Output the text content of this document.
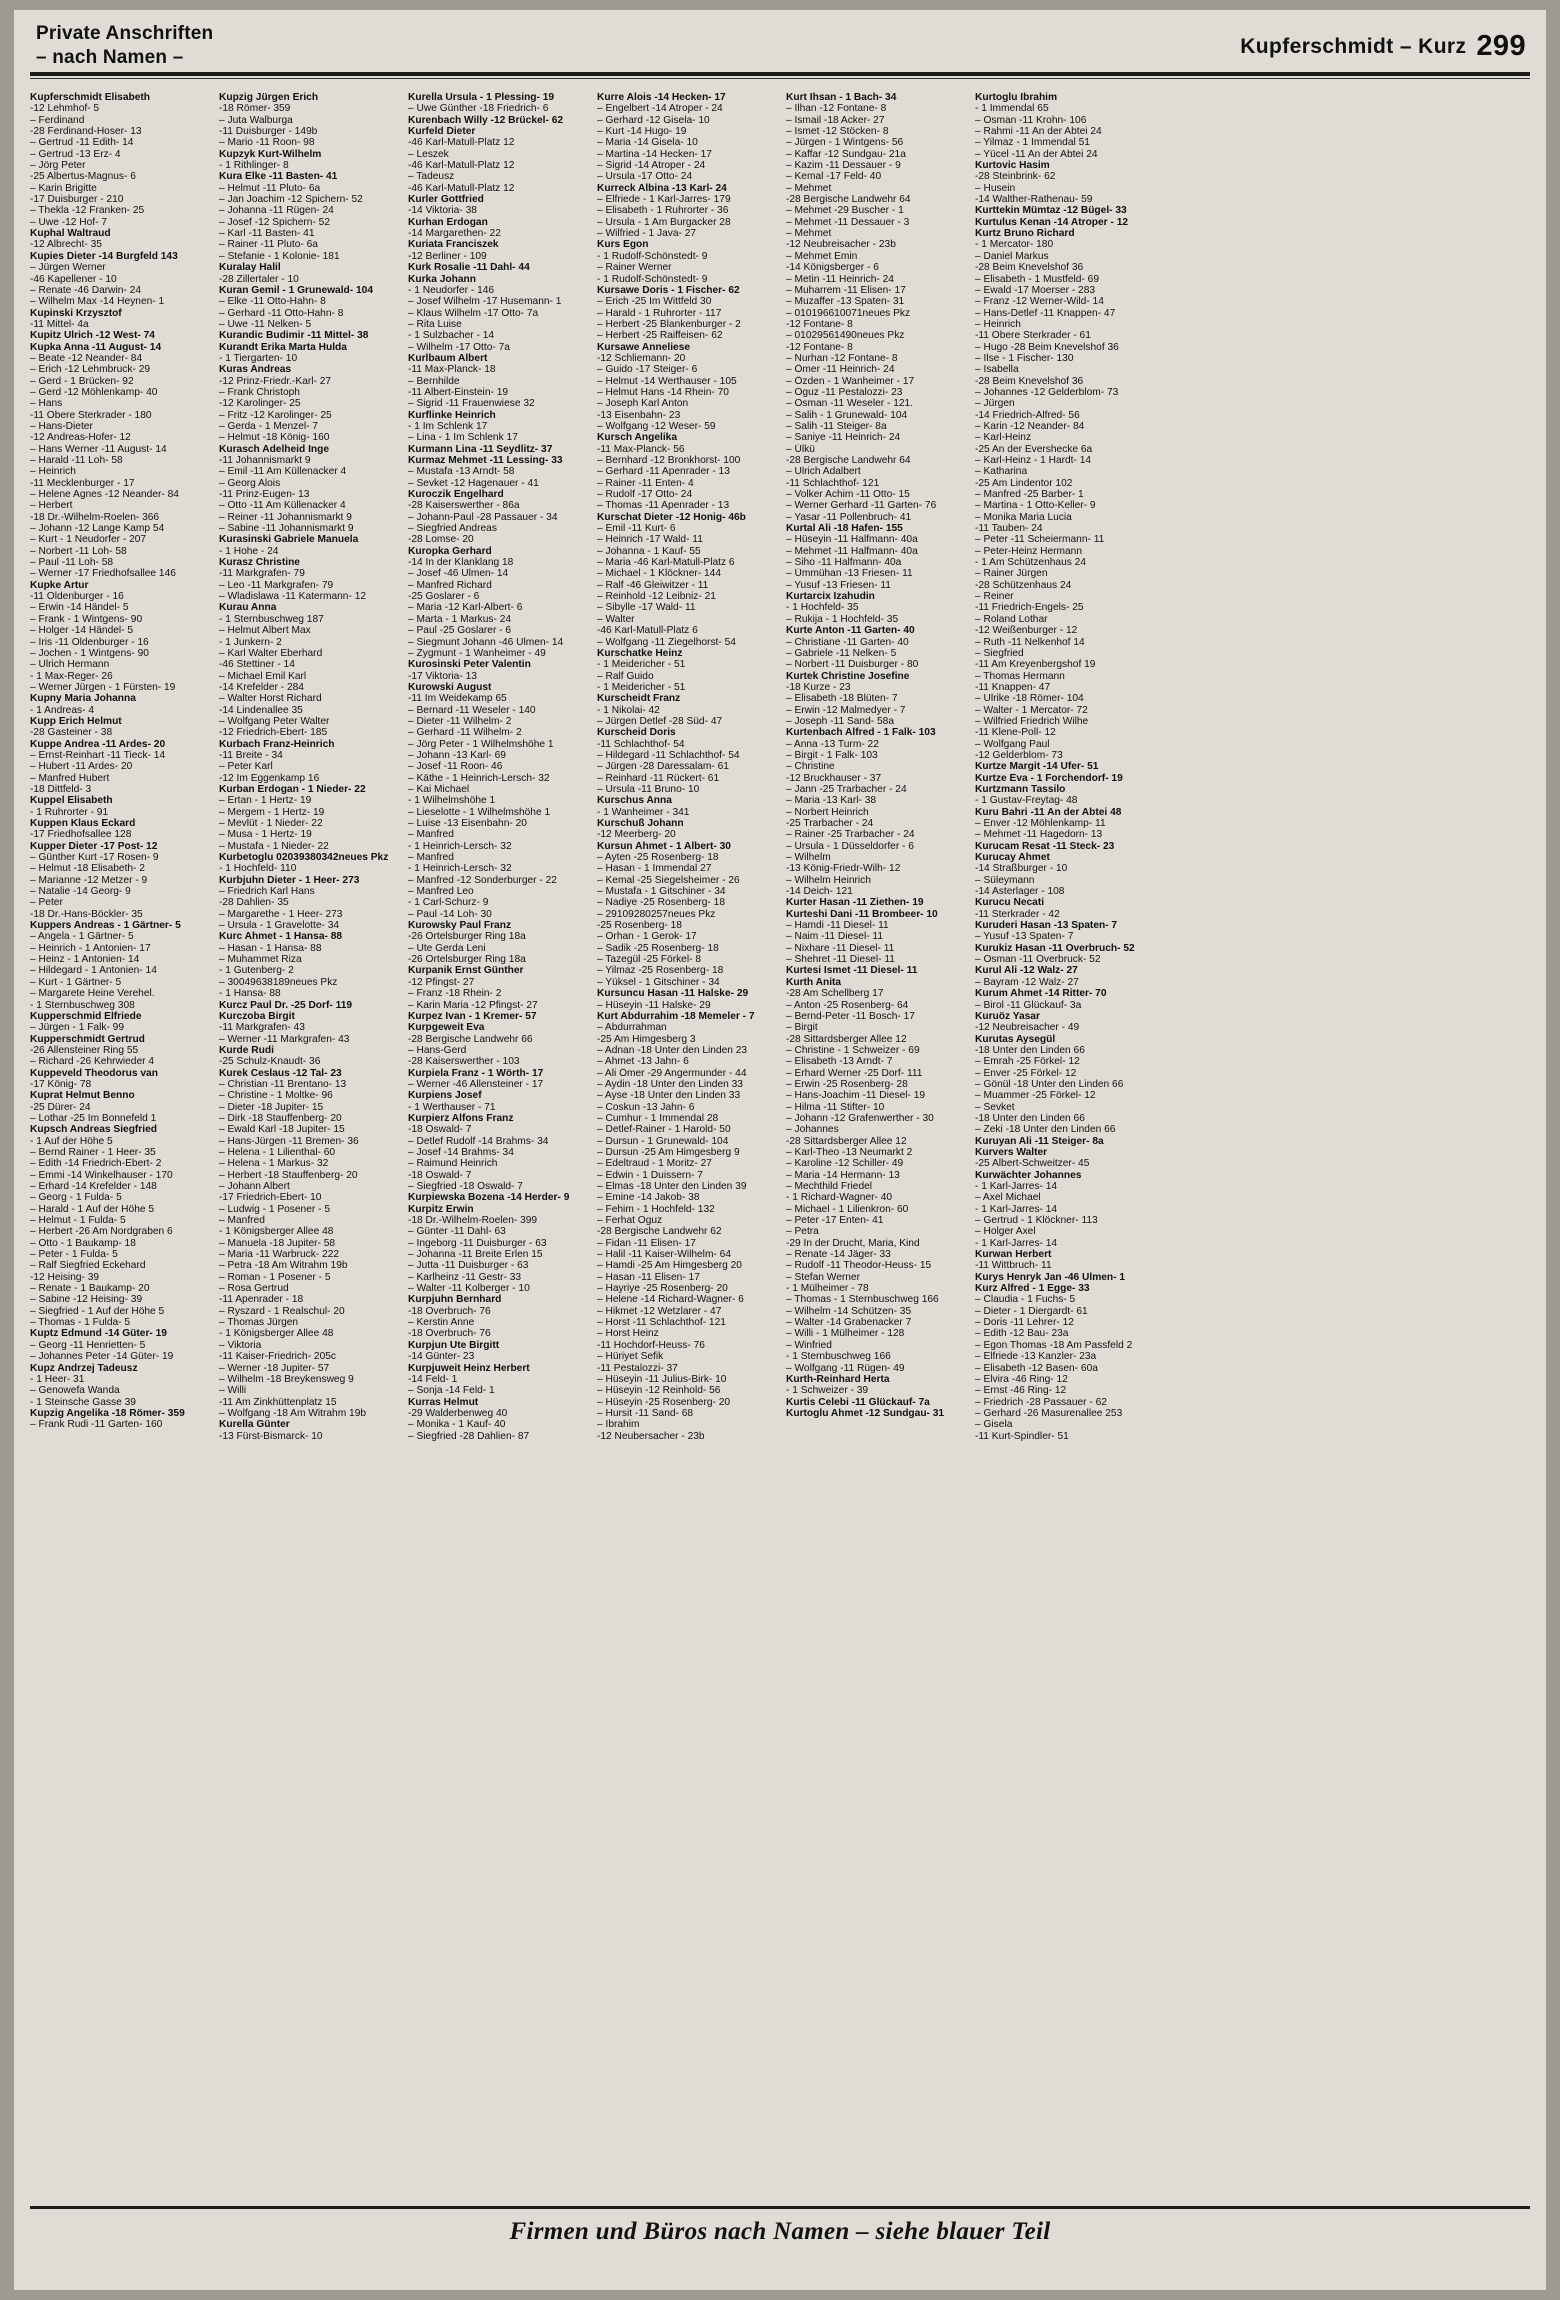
Private Anschriften
– nach Namen –	Kupferschmidt – Kurz 299
Kupferschmidt Elisabeth
-12 Lehmhof- 5
– Ferdinand
-28 Ferdinand-Hoser- 13
– Gertrud -11 Edith- 14
– Gertrud -13 Erz- 4
– Jörg Peter
-25 Albertus-Magnus- 6
– Karin Brigitte
-17 Duisburger - 210
– Thekla -12 Franken- 25
– Uwe -12 Hof- 7
Kuphal Waltraud
-12 Albrecht- 35
Kupies Dieter -14 Burgfeld 143
– Jürgen Werner
-46 Kapellener - 10
– Renate -46 Darwin- 24
– Wilhelm Max -14 Heynen- 1
Kupinski Krzysztof
-11 Mittel- 4a
Kupitz Ulrich -12 West- 74
Kupka Anna -11 August- 14
– Beate -12 Neander- 84
– Erich -12 Lehmbruck- 29
– Gerd - 1 Brücken- 92
– Gerd -12 Möhlenkamp- 40
– Hans
-11 Obere Sterkrader - 180
– Hans-Dieter
-12 Andreas-Hofer- 12
– Hans Werner -11 August- 14
– Harald -11 Loh- 58
– Heinrich
-11 Mecklenburger - 17
– Helene Agnes -12 Neander- 84
– Herbert
-18 Dr.-Wilhelm-Roelen- 366
– Johann -12 Lange Kamp 54
– Kurt - 1 Neudorfer - 207
– Norbert -11 Loh- 58
– Paul -11 Loh- 58
– Werner -17 Friedhofsallee 146
Kupke Artur
-11 Oldenburger - 16
– Erwin -14 Händel- 5
– Frank - 1 Wintgens- 90
– Holger -14 Händel- 5
– Iris -11 Oldenburger - 16
– Jochen - 1 Wintgens- 90
– Ulrich Hermann
- 1 Max-Reger- 26
– Werner Jürgen - 1 Fürsten- 19
Kupny Maria Johanna
- 1 Andreas- 4
Kupp Erich Helmut
-28 Gasteiner - 38
Kuppe Andrea -11 Ardes- 20
– Ernst-Reinhart -11 Tieck- 14
– Hubert -11 Ardes- 20
– Manfred Hubert
-18 Dittfeld- 3
Kuppel Elisabeth
- 1 Ruhrorter - 91
Kuppen Klaus Eckard
-17 Friedhofsallee 128
Kupper Dieter -17 Post- 12
– Günther Kurt -17 Rosen- 9
– Helmut -18 Elisabeth- 2
– Marianne -12 Metzer - 9
– Natalie -14 Georg- 9
– Peter
-18 Dr.-Hans-Böckler- 35
Kuppers Andreas - 1 Gärtner- 5
– Angela - 1 Gärtner- 5
– Heinrich - 1 Antonien- 17
– Heinz - 1 Antonien- 14
– Hildegard - 1 Antonien- 14
– Kurt - 1 Gärtner- 5
– Margarete Heine Verehel.
- 1 Sternbuschweg 308
Kupperschmid Elfriede
– Jürgen - 1 Falk- 99
Kupperschmidt Gertrud
-26 Allensteiner Ring 55
– Richard -26 Kehrwieder 4
Kuppeveld Theodorus van
-17 König- 78
Kuprat Helmut Benno
-25 Dürer- 24
– Lothar -25 Im Bonnefeld 1
Kupsch Andreas Siegfried
- 1 Auf der Höhe 5
– Bernd Rainer - 1 Heer- 35
– Edith -14 Friedrich-Ebert- 2
– Emmi -14 Winkelhauser - 170
– Erhard -14 Krefelder - 148
– Georg - 1 Fulda- 5
– Harald - 1 Auf der Höhe 5
– Helmut - 1 Fulda- 5
– Herbert -26 Am Nordgraben 6
– Otto - 1 Baukamp- 18
– Peter - 1 Fulda- 5
– Ralf Siegfried Eckehard
-12 Heising- 39
– Renate - 1 Baukamp- 20
– Sabine -12 Heising- 39
– Siegfried - 1 Auf der Höhe 5
– Thomas - 1 Fulda- 5
Kuptz Edmund -14 Güter- 19
– Georg -11 Henrietten- 5
– Johannes Peter -14 Güter- 19
Kupz Andrzej Tadeusz
- 1 Heer- 31
– Genowefa Wanda
- 1 Steinsche Gasse 39
Kupzig Angelika -18 Römer- 359
– Frank Rudi -11 Garten- 160
Kupzig Jürgen Erich
-18 Römer- 359
– Juta Walburga
-11 Duisburger - 149b
– Mario -11 Roon- 98
Kupzyk Kurt-Wilhelm
- 1 Rithlinger- 8
Kura Elke -11 Basten- 41
– Helmut -11 Pluto- 6a
– Jan Joachim -12 Spichern- 52
– Johanna -11 Rügen- 24
– Josef -12 Spichern- 52
– Karl -11 Basten- 41
– Rainer -11 Pluto- 6a
– Stefanie - 1 Kolonie- 181
Kuralay Halil
-28 Zillertaler - 10
Kuran Gemil - 1 Grunewald- 104
– Elke -11 Otto-Hahn- 8
– Gerhard -11 Otto-Hahn- 8
– Uwe -11 Nelken- 5
Kurandic Budimir -11 Mittel- 38
Kurandt Erika Marta Hulda
- 1 Tiergarten- 10
Kuras Andreas
-12 Prinz-Friedr.-Karl- 27
– Frank Christoph
-12 Karolinger- 25
– Fritz -12 Karolinger- 25
– Gerda - 1 Menzel- 7
– Helmut -18 König- 160
Kurasch Adelheid Inge
-11 Johannismarkt 9
– Emil -11 Am Küllenacker 4
– Georg Alois
-11 Prinz-Eugen- 13
– Otto -11 Am Küllenacker 4
– Reiner -11 Johannismarkt 9
– Sabine -11 Johannismarkt 9
Kurasinski Gabriele Manuela
- 1 Hohe - 24
Kurasz Christine
-11 Markgrafen- 79
– Leo -11 Markgrafen- 79
– Wladislawa -11 Katermann- 12
Kurau Anna
- 1 Sternbuschweg 187
– Helmut Albert Max
- 1 Junkern- 2
– Karl Walter Eberhard
-46 Stettiner - 14
– Michael Emil Karl
-14 Krefelder - 284
– Walter Horst Richard
-14 Lindenallee 35
– Wolfgang Peter Walter
-12 Friedrich-Ebert- 185
Kurbach Franz-Heinrich
-11 Breite - 34
– Peter Karl
-12 Im Eggenkamp 16
Kurban Erdogan - 1 Nieder- 22
– Ertan - 1 Hertz- 19
– Mergem - 1 Hertz- 19
– Mevlüt - 1 Nieder- 22
– Musa - 1 Hertz- 19
– Mustafa - 1 Nieder- 22
Kurbetoglu 02039380342neues Pkz
- 1 Hochfeld- 110
Kurbjuhn Dieter - 1 Heer- 273
– Friedrich Karl Hans
-28 Dahlien- 35
– Margarethe - 1 Heer- 273
– Ursula - 1 Gravelotte- 34
Kurc Ahmet - 1 Hansa- 88
– Hasan - 1 Hansa- 88
– Muhammet Riza
- 1 Gutenberg- 2
– 30049638189neues Pkz
- 1 Hansa- 88
Kurcz Paul Dr. -25 Dorf- 119
Kurczoba Birgit
-11 Markgrafen- 43
– Werner -11 Markgrafen- 43
Kurde Rudi
-25 Schulz-Knaudt- 36
Kurek Ceslaus -12 Tal- 23
– Christian -11 Brentano- 13
– Christine - 1 Moltke- 96
– Dieter -18 Jupiter- 15
– Dirk -18 Stauffenberg- 20
– Ewald Karl -18 Jupiter- 15
– Hans-Jürgen -11 Bremen- 36
– Helena - 1 Lilienthal- 60
– Helena - 1 Markus- 32
– Herbert -18 Stauffenberg- 20
– Johann Albert
-17 Friedrich-Ebert- 10
– Ludwig - 1 Posener - 5
– Manfred
- 1 Königsberger Allee 48
– Manuela -18 Jupiter- 58
– Maria -11 Warbruck- 222
– Petra -18 Am Witrahm 19b
– Roman - 1 Posener - 5
– Rosa Gertrud
-11 Apenrader - 18
– Ryszard - 1 Realschul- 20
– Thomas Jürgen
- 1 Königsberger Allee 48
– Viktoria
-11 Kaiser-Friedrich- 205c
– Werner -18 Jupiter- 57
– Wilhelm -18 Breykensweg 9
– Willi
-11 Am Zinkhüttenplatz 15
– Wolfgang -18 Am Witrahm 19b
Kurella Günter
-13 Fürst-Bismarck- 10
Kurella Ursula - 1 Plessing- 19
– Uwe Günther -18 Friedrich- 6
Kurenbach Willy -12 Brückel- 62
Kurfeld Dieter
-46 Karl-Matull-Platz 12
– Leszek
-46 Karl-Matull-Platz 12
– Tadeusz
-46 Karl-Matull-Platz 12
Kurler Gottfried
-14 Viktoria- 38
Kurhan Erdogan
-14 Margarethen- 22
Kuriata Franciszek
-12 Berliner - 109
Kurk Rosalie -11 Dahl- 44
Kurka Johann
- 1 Neudorfer - 146
– Josef Wilhelm -17 Husemann- 1
– Klaus Wilhelm -17 Otto- 7a
– Rita Luise
- 1 Sulzbacher - 14
– Wilhelm -17 Otto- 7a
Kurlbaum Albert
-11 Max-Planck- 18
– Bernhilde
-11 Albert-Einstein- 19
– Sigrid -11 Frauenwiese 32
Kurflinke Heinrich
- 1 Im Schlenk 17
– Lina - 1 Im Schlenk 17
Kurmann Lina -11 Seydlitz- 37
Kurmaz Mehmet -11 Lessing- 33
– Mustafa -13 Arndt- 58
– Sevket -12 Hagenauer - 41
Kuroczik Engelhard
-28 Kaiserswerther - 86a
– Johann-Paul -28 Passauer - 34
– Siegfried Andreas
-28 Lomse- 20
Kuropka Gerhard
-14 In der Klanklang 18
– Josef -46 Ulmen- 14
– Manfred Richard
-25 Goslarer - 6
– Maria -12 Karl-Albert- 6
– Marta - 1 Markus- 24
– Paul -25 Goslarer - 6
– Siegmunt Johann -46 Ulmen- 14
– Zygmunt - 1 Wanheimer - 49
Kurosinski Peter Valentin
-17 Viktoria- 13
Kurowski August
-11 Im Weidekamp 65
– Bernard -11 Weseler - 140
– Dieter -11 Wilhelm- 2
– Gerhard -11 Wilhelm- 2
– Jörg Peter - 1 Wilhelmshöhe 1
– Johann -13 Karl- 69
– Josef -11 Roon- 46
– Käthe - 1 Heinrich-Lersch- 32
– Kai Michael
- 1 Wilhelmshöhe 1
– Lieselotte - 1 Wilhelmshöhe 1
– Luise -13 Eisenbahn- 20
– Manfred
- 1 Heinrich-Lersch- 32
– Manfred
- 1 Heinrich-Lersch- 32
– Manfred -12 Sonderburger - 22
– Manfred Leo
- 1 Carl-Schurz- 9
– Paul -14 Loh- 30
Kurowsky Paul Franz
-26 Ortelsburger Ring 18a
– Ute Gerda Leni
-26 Ortelsburger Ring 18a
Kurpanik Ernst Günther
-12 Pfingst- 27
– Franz -18 Rhein- 2
– Karin Maria -12 Pfingst- 27
Kurpez Ivan - 1 Kremer- 57
Kurpgeweit Eva
-28 Bergische Landwehr 66
– Hans-Gerd
-28 Kaiserswerther - 103
Kurpiela Franz - 1 Wörth- 17
– Werner -46 Allensteiner - 17
Kurpiens Josef
- 1 Werthauser - 71
Kurpierz Alfons Franz
-18 Oswald- 7
– Detlef Rudolf -14 Brahms- 34
– Josef -14 Brahms- 34
– Raimund Heinrich
-18 Oswald- 7
– Siegfried -18 Oswald- 7
Kurpiewska Bozena -14 Herder- 9
Kurpitz Erwin
-18 Dr.-Wilhelm-Roelen- 399
– Günter -11 Dahl- 63
– Ingeborg -11 Duisburger - 63
– Johanna -11 Breite Erlen 15
– Jutta -11 Duisburger - 63
– Karlheinz -11 Gestr- 33
– Walter -11 Kolberger - 10
Kurpjuhn Bernhard
-18 Overbruch- 76
– Kerstin Anne
-18 Overbruch- 76
Kurpjun Ute Birgitt
-14 Günter- 23
Kurpjuweit Heinz Herbert
-14 Feld- 1
– Sonja -14 Feld- 1
Kurras Helmut
-29 Walderbenweg 40
– Monika - 1 Kauf- 40
– Siegfried -28 Dahlien- 87
Kurre Alois -14 Hecken- 17
– Engelbert -14 Atroper - 24
– Gerhard -12 Gisela- 10
– Kurt -14 Hugo- 19
– Maria -14 Gisela- 10
– Martina -14 Hecken- 17
– Sigrid -14 Atroper - 24
– Ursula -17 Otto- 24
Kurreck Albina -13 Karl- 24
– Elfriede - 1 Karl-Jarres- 179
– Elisabeth - 1 Ruhrorter - 36
– Ursula - 1 Am Burgacker 28
– Wilfried - 1 Java- 27
Kurs Egon
- 1 Rudolf-Schönstedt- 9
– Rainer Werner
- 1 Rudolf-Schönstedt- 9
Kursawe Doris - 1 Fischer- 62
– Erich -25 Im Wittfeld 30
– Harald - 1 Ruhrorter - 117
– Herbert -25 Blankenburger - 2
– Herbert -25 Raiffeisen- 62
Kursawe Anneliese
-12 Schliemann- 20
– Guido -17 Steiger- 6
– Helmut -14 Werthauser - 105
– Helmut Hans -14 Rhein- 70
– Joseph Karl Anton
-13 Eisenbahn- 23
– Wolfgang -12 Weser- 59
Kursch Angelika
-11 Max-Planck- 56
– Bernhard -12 Bronkhorst- 100
– Gerhard -11 Apenrader - 13
– Rainer -11 Enten- 4
– Rudolf -17 Otto- 24
– Thomas -11 Apenrader - 13
Kurschat Dieter -12 Honig- 46b
– Emil -11 Kurt- 6
– Heinrich -17 Wald- 11
– Johanna - 1 Kauf- 55
– Maria -46 Karl-Matull-Platz 6
– Michael - 1 Klöckner- 144
– Ralf -46 Gleiwitzer - 11
– Reinhold -12 Leibniz- 21
– Sibylle -17 Wald- 11
– Walter
-46 Karl-Matull-Platz 6
– Wolfgang -11 Ziegelhorst- 54
Kurschatke Heinz
- 1 Meidericher - 51
– Ralf Guido
- 1 Meidericher - 51
Kurscheidt Franz
- 1 Nikolai- 42
– Jürgen Detlef -28 Süd- 47
Kurscheid Doris
-11 Schlachthof- 54
– Hildegard -11 Schlachthof- 54
– Jürgen -28 Daressalam- 61
– Reinhard -11 Rückert- 61
– Ursula -11 Bruno- 10
Kurschus Anna
- 1 Wanheimer - 341
Kurschuß Johann
-12 Meerberg- 20
Kursun Ahmet - 1 Albert- 30
– Ayten -25 Rosenberg- 18
– Hasan - 1 Immendal 27
– Kemal -25 Siegelsheimer - 26
– Mustafa - 1 Gitschiner - 34
– Nadiye -25 Rosenberg- 18
– 29109280257neues Pkz
-25 Rosenberg- 18
– Orhan - 1 Gerok- 17
– Sadik -25 Rosenberg- 18
– Tazegül -25 Förkel- 8
– Yilmaz -25 Rosenberg- 18
– Yüksel - 1 Gitschiner - 34
Kursuncu Hasan -11 Halske- 29
– Hüseyin -11 Halske- 29
Kurt Abdurrahim -18 Memeler - 7
– Abdurrahman
-25 Am Himgesberg 3
– Adnan -18 Unter den Linden 23
– Ahmet -13 Jahn- 6
– Ali Ömer -29 Angermunder - 44
– Aydin -18 Unter den Linden 33
– Ayse -18 Unter den Linden 33
– Coskun -13 Jahn- 6
– Cumhur - 1 Immendal 28
– Detlef-Rainer - 1 Harold- 50
– Dursun - 1 Grunewald- 104
– Dursun -25 Am Himgesberg 9
– Edeltraud - 1 Moritz- 27
– Edwin - 1 Duissern- 7
– Elmas -18 Unter den Linden 39
– Emine -14 Jakob- 38
– Fehim - 1 Hochfeld- 132
– Ferhat Oguz
-28 Bergische Landwehr 62
– Fidan -11 Elisen- 17
– Halil -11 Kaiser-Wilhelm- 64
– Hamdi -25 Am Himgesberg 20
– Hasan -11 Elisen- 17
– Hayriye -25 Rosenberg- 20
– Helene -14 Richard-Wagner- 6
– Hikmet -12 Wetzlarer - 47
– Horst -11 Schlachthof- 121
– Horst Heinz
-11 Hochdorf-Heuss- 76
– Hüriyet Sefik
-11 Pestalozzi- 37
– Hüseyin -11 Julius-Birk- 10
– Hüseyin -12 Reinhold- 56
– Hüseyin -25 Rosenberg- 20
– Hursit -11 Sand- 68
– Ibrahim
-12 Neubersacher - 23b
Kurt Ihsan - 1 Bach- 34
– Ilhan -12 Fontane- 8
– Ismail -18 Acker- 27
– Ismet -12 Stöcken- 8
– Jürgen - 1 Wintgens- 56
– Kaffar -12 Sundgau- 21a
– Kazim -11 Dessauer - 9
– Kemal -17 Feld- 40
– Mehmet
-28 Bergische Landwehr 64
– Mehmet -29 Buscher - 1
– Mehmet -11 Dessauer - 3
– Mehmet
-12 Neubreisacher - 23b
– Mehmet Emin
-14 Königsberger - 6
– Metin -11 Heinrich- 24
– Muharrem -11 Elisen- 17
– Muzaffer -13 Spaten- 31
– 010196610071neues Pkz
-12 Fontane- 8
– 01029561490neues Pkz
-12 Fontane- 8
– Nurhan -12 Fontane- 8
– Ömer -11 Heinrich- 24
– Özden - 1 Wanheimer - 17
– Oguz -11 Pestalozzi- 23
– Osman -11 Weseler - 121.
– Salih - 1 Grunewald- 104
– Salih -11 Steiger- 8a
– Saniye -11 Heinrich- 24
– Ülkü
-28 Bergische Landwehr 64
– Ulrich Adalbert
-11 Schlachthof- 121
– Volker Achim -11 Otto- 15
– Werner Gerhard -11 Garten- 76
– Yasar -11 Pollenbruch- 41
Kurtal Ali -18 Hafen- 155
– Hüseyin -11 Halfmann- 40a
– Mehmet -11 Halfmann- 40a
– Siho -11 Halfmann- 40a
– Ümmühan -13 Friesen- 11
– Yusuf -13 Friesen- 11
Kurtarcix Izahudin
- 1 Hochfeld- 35
– Rukija - 1 Hochfeld- 35
Kurte Anton -11 Garten- 40
– Christiane -11 Garten- 40
– Gabriele -11 Nelken- 5
– Norbert -11 Duisburger - 80
Kurtek Christine Josefine
-18 Kurze - 23
– Elisabeth -18 Blüten- 7
– Erwin -12 Malmedyer - 7
– Joseph -11 Sand- 58a
Kurtenbach Alfred - 1 Falk- 103
– Anna -13 Turm- 22
– Birgit - 1 Falk- 103
– Christine
-12 Bruckhauser - 37
– Jann -25 Trarbacher - 24
– Maria -13 Karl- 38
– Norbert Heinrich
-25 Trarbacher - 24
– Rainer -25 Trarbacher - 24
– Ursula - 1 Düsseldorfer - 6
– Wilhelm
-13 König-Friedr-Wilh- 12
– Wilhelm Heinrich
-14 Deich- 121
Kurter Hasan -11 Ziethen- 19
Kurteshi Dani -11 Brombeer- 10
– Hamdi -11 Diesel- 11
– Naim -11 Diesel- 11
– Nixhare -11 Diesel- 11
– Shehret -11 Diesel- 11
Kurtesi Ismet -11 Diesel- 11
Kurth Anita
-28 Am Schellberg 17
– Anton -25 Rosenberg- 64
– Bernd-Peter -11 Bosch- 17
– Birgit
-28 Sittardsberger Allee 12
– Christine - 1 Schweizer - 69
– Elisabeth -13 Arndt- 7
– Erhard Werner -25 Dorf- 111
– Erwin -25 Rosenberg- 28
– Hans-Joachim -11 Diesel- 19
– Hilma -11 Stifter- 10
– Johann -12 Grafenwerther - 30
– Johannes
-28 Sittardsberger Allee 12
– Karl-Theo -13 Neumarkt 2
– Karoline -12 Schiller- 49
– Maria -14 Hermann- 13
– Mechthild Friedel
- 1 Richard-Wagner- 40
– Michael - 1 Lilienkron- 60
– Peter -17 Enten- 41
– Petra
-29 In der Drucht, Maria, Kind
– Renate -14 Jäger- 33
– Rudolf -11 Theodor-Heuss- 15
– Stefan Werner
- 1 Mülheimer - 78
– Thomas - 1 Sternbuschweg 166
– Wilhelm -14 Schützen- 35
– Walter -14 Grabenacker 7
– Willi - 1 Mülheimer - 128
– Winfried
- 1 Sternbuschweg 166
– Wolfgang -11 Rügen- 49
Kurth-Reinhard Herta
- 1 Schweizer - 39
Kurtis Celebi -11 Glückauf- 7a
Kurtoglu Ahmet -12 Sundgau- 31
Kurtoglu Ibrahim
- 1 Immendal 65
– Osman -11 Krohn- 106
– Rahmi -11 An der Abtei 24
– Yilmaz - 1 Immendal 51
– Yücel -11 An der Abtei 24
Kurtovic Hasim
-28 Steinbrink- 62
– Husein
-14 Walther-Rathenau- 59
Kurttekin Mümtaz -12 Bügel- 33
Kurtulus Kenan -14 Atroper - 12
Kurtz Bruno Richard
- 1 Mercator- 180
– Daniel Markus
-28 Beim Knevelshof 36
– Elisabeth - 1 Mustfeld- 69
– Ewald -17 Moerser - 283
– Franz -12 Werner-Wild- 14
– Hans-Detlef -11 Knappen- 47
– Heinrich
-11 Obere Sterkrader - 61
– Hugo -28 Beim Knevelshof 36
– Ilse - 1 Fischer- 130
– Isabella
-28 Beim Knevelshof 36
– Johannes -12 Gelderblom- 73
– Jürgen
-14 Friedrich-Alfred- 56
– Karin -12 Neander- 84
– Karl-Heinz
-25 An der Evershecke 6a
– Karl-Heinz - 1 Hardt- 14
– Katharina
-25 Am Lindentor 102
– Manfred -25 Barber- 1
– Martina - 1 Otto-Keller- 9
– Monika Maria Lucia
-11 Tauben- 24
– Peter -11 Scheiermann- 11
– Peter-Heinz Hermann
- 1 Am Schützenhaus 24
– Rainer Jürgen
-28 Schützenhaus 24
– Reiner
-11 Friedrich-Engels- 25
– Roland Lothar
-12 Weißenburger - 12
– Ruth -11 Nelkenhof 14
– Siegfried
-11 Am Kreyenbergshof 19
– Thomas Hermann
-11 Knappen- 47
– Ulrike -18 Römer- 104
– Walter - 1 Mercator- 72
– Wilfried Friedrich Wilhe
-11 Klene-Poll- 12
– Wolfgang Paul
-12 Gelderblom- 73
Kurtze Margit -14 Ufer- 51
Kurtze Eva - 1 Forchendorf- 19
Kurtzmann Tassilo
- 1 Gustav-Freytag- 48
Kuru Bahri -11 An der Abtei 48
– Enver -12 Möhlenkamp- 11
– Mehmet -11 Hagedorn- 13
Kurucam Resat -11 Steck- 23
Kurucay Ahmet
-14 Straßburger - 10
– Süleymann
-14 Asterlager - 108
Kurucu Necati
-11 Sterkrader - 42
Kuruderi Hasan -13 Spaten- 7
– Yusuf -13 Spaten- 7
Kurukiz Hasan -11 Overbruch- 52
– Osman -11 Overbruck- 52
Kurul Ali -12 Walz- 27
– Bayram -12 Walz- 27
Kurum Ahmet -14 Ritter- 70
– Birol -11 Glückauf- 3a
Kuruöz Yasar
-12 Neubreisacher - 49
Kurutas Aysegül
-18 Unter den Linden 66
– Emrah -25 Förkel- 12
– Enver -25 Förkel- 12
– Gönül -18 Unter den Linden 66
– Muammer -25 Förkel- 12
– Sevket
-18 Unter den Linden 66
– Zeki -18 Unter den Linden 66
Kuruyan Ali -11 Steiger- 8a
Kurvers Walter
-25 Albert-Schweitzer- 45
Kurwächter Johannes
- 1 Karl-Jarres- 14
– Axel Michael
- 1 Karl-Jarres- 14
– Gertrud - 1 Klöckner- 113
– Holger Axel
- 1 Karl-Jarres- 14
Kurwan Herbert
-11 Wittbruch- 11
Kurys Henryk Jan -46 Ulmen- 1
Kurz Alfred - 1 Egge- 33
– Claudia - 1 Fuchs- 5
– Dieter - 1 Diergardt- 61
– Doris -11 Lehrer- 12
– Edith -12 Bau- 23a
– Egon Thomas -18 Am Passfeld 2
– Elfriede -13 Kanzler- 23a
– Elisabeth -12 Basen- 60a
– Elvira -46 Ring- 12
– Ernst -46 Ring- 12
– Friedrich -28 Passauer - 62
– Gerhard -26 Masurenallee 253
– Gisela
-11 Kurt-Spindler- 51
Firmen und Büros nach Namen – siehe blauer Teil
